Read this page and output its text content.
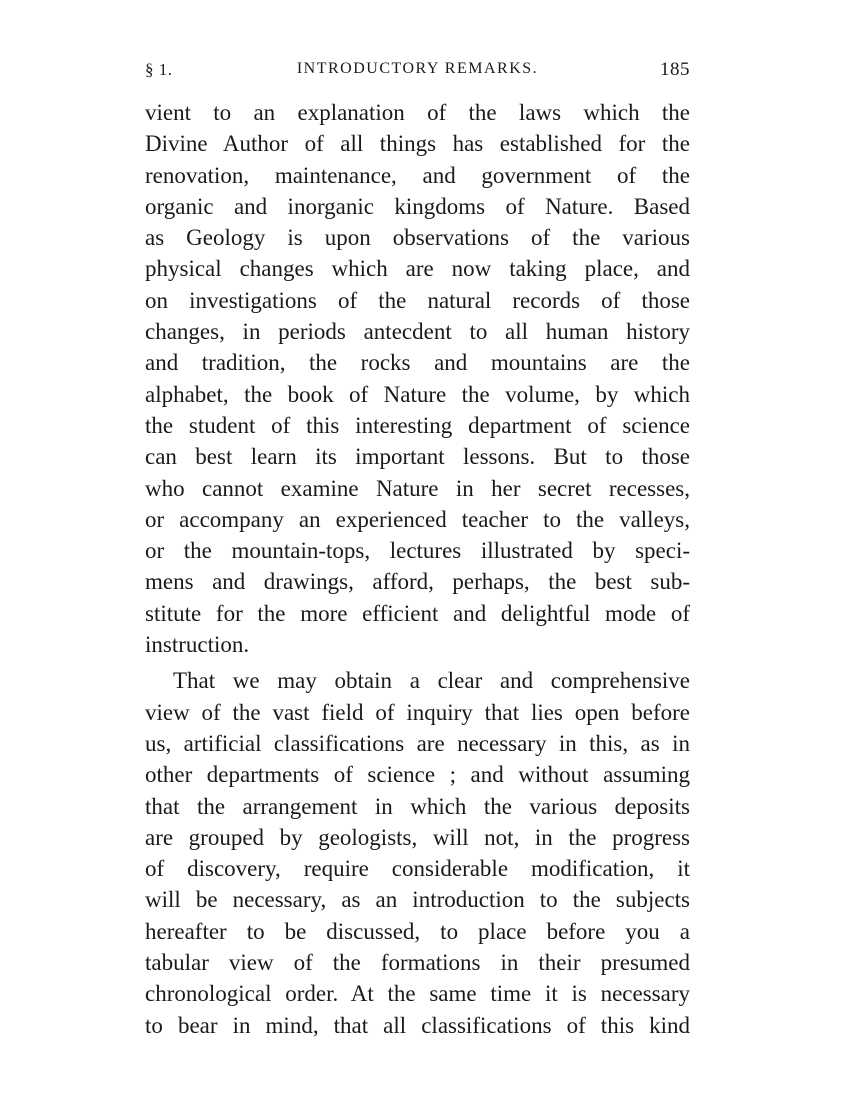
§ 1.	INTRODUCTORY REMARKS.	185
vient to an explanation of the laws which the
Divine Author of all things has established for the
renovation, maintenance, and government of the
organic and inorganic kingdoms of Nature. Based
as Geology is upon observations of the various
physical changes which are now taking place, and
on investigations of the natural records of those
changes, in periods antecdent to all human history
and tradition, the rocks and mountains are the
alphabet, the book of Nature the volume, by which
the student of this interesting department of science
can best learn its important lessons. But to those
who cannot examine Nature in her secret recesses,
or accompany an experienced teacher to the valleys,
or the mountain-tops, lectures illustrated by speci-
mens and drawings, afford, perhaps, the best sub-
stitute for the more efficient and delightful mode of
instruction.
That we may obtain a clear and comprehensive
view of the vast field of inquiry that lies open before
us, artificial classifications are necessary in this, as in
other departments of science ; and without assuming
that the arrangement in which the various deposits
are grouped by geologists, will not, in the progress
of discovery, require considerable modification, it
will be necessary, as an introduction to the subjects
hereafter to be discussed, to place before you a
tabular view of the formations in their presumed
chronological order. At the same time it is necessary
to bear in mind, that all classifications of this kind
